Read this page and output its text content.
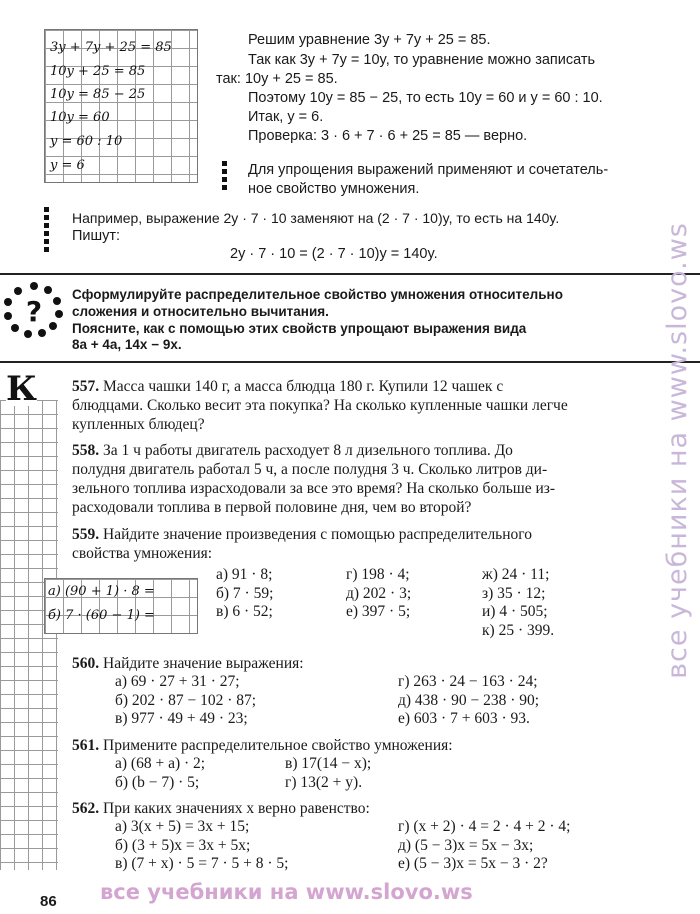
3y + 7y + 25 = 85
10y + 25 = 85
10y = 85 − 25
10y = 60
y = 60 : 10
y = 6
Решим уравнение 3y + 7y + 25 = 85.
Так как 3y + 7y = 10y, то уравнение можно записать
так: 10y + 25 = 85.
Поэтому 10y = 85 − 25, то есть 10y = 60 и y = 60 : 10.
Итак, y = 6.
Проверка: 3 · 6 + 7 · 6 + 25 = 85 — верно.
Для упрощения выражений применяют и сочетатель-
ное свойство умножения.
Например, выражение 2y · 7 · 10 заменяют на (2 · 7 · 10)y, то есть на 140y.
Пишут:
2y · 7 · 10 = (2 · 7 · 10)y = 140y.
?
Сформулируйте распределительное свойство умножения относительно
сложения и относительно вычитания.
Поясните, как с помощью этих свойств упрощают выражения вида
8a + 4a, 14x − 9x.
К 557. Масса чашки 140 г, а масса блюдца 180 г. Купили 12 чашек с
блюдцами. Сколько весит эта покупка? На сколько купленные чашки легче
купленных блюдец?
558. За 1 ч работы двигатель расходует 8 л дизельного топлива. До
полудня двигатель работал 5 ч, а после полудня 3 ч. Сколько литров ди-
зельного топлива израсходовали за все это время? На сколько больше из-
расходовали топлива в первой половине дня, чем во второй?
559. Найдите значение произведения с помощью распределительного
свойства умножения:
а) (90 + 1) · 8 =
б) 7 · (60 − 1) =
а) 91 · 8;
б) 7 · 59;
в) 6 · 52;
г) 198 · 4;
д) 202 · 3;
е) 397 · 5;
ж) 24 · 11;
з) 35 · 12;
и) 4 · 505;
к) 25 · 399.
560. Найдите значение выражения:
а) 69 · 27 + 31 · 27;
б) 202 · 87 − 102 · 87;
в) 977 · 49 + 49 · 23;
г) 263 · 24 − 163 · 24;
д) 438 · 90 − 238 · 90;
е) 603 · 7 + 603 · 93.
561. Примените распределительное свойство умножения:
а) (68 + a) · 2;
б) (b − 7) · 5;
в) 17(14 − x);
г) 13(2 + y).
562. При каких значениях x верно равенство:
а) 3(x + 5) = 3x + 15;
б) (3 + 5)x = 3x + 5x;
в) (7 + x) · 5 = 7 · 5 + 8 · 5;
г) (x + 2) · 4 = 2 · 4 + 2 · 4;
д) (5 − 3)x = 5x − 3x;
е) (5 − 3)x = 5x − 3 · 2?
86 все учебники на www.slovo.ws
все учебники на www.slovo.ws
